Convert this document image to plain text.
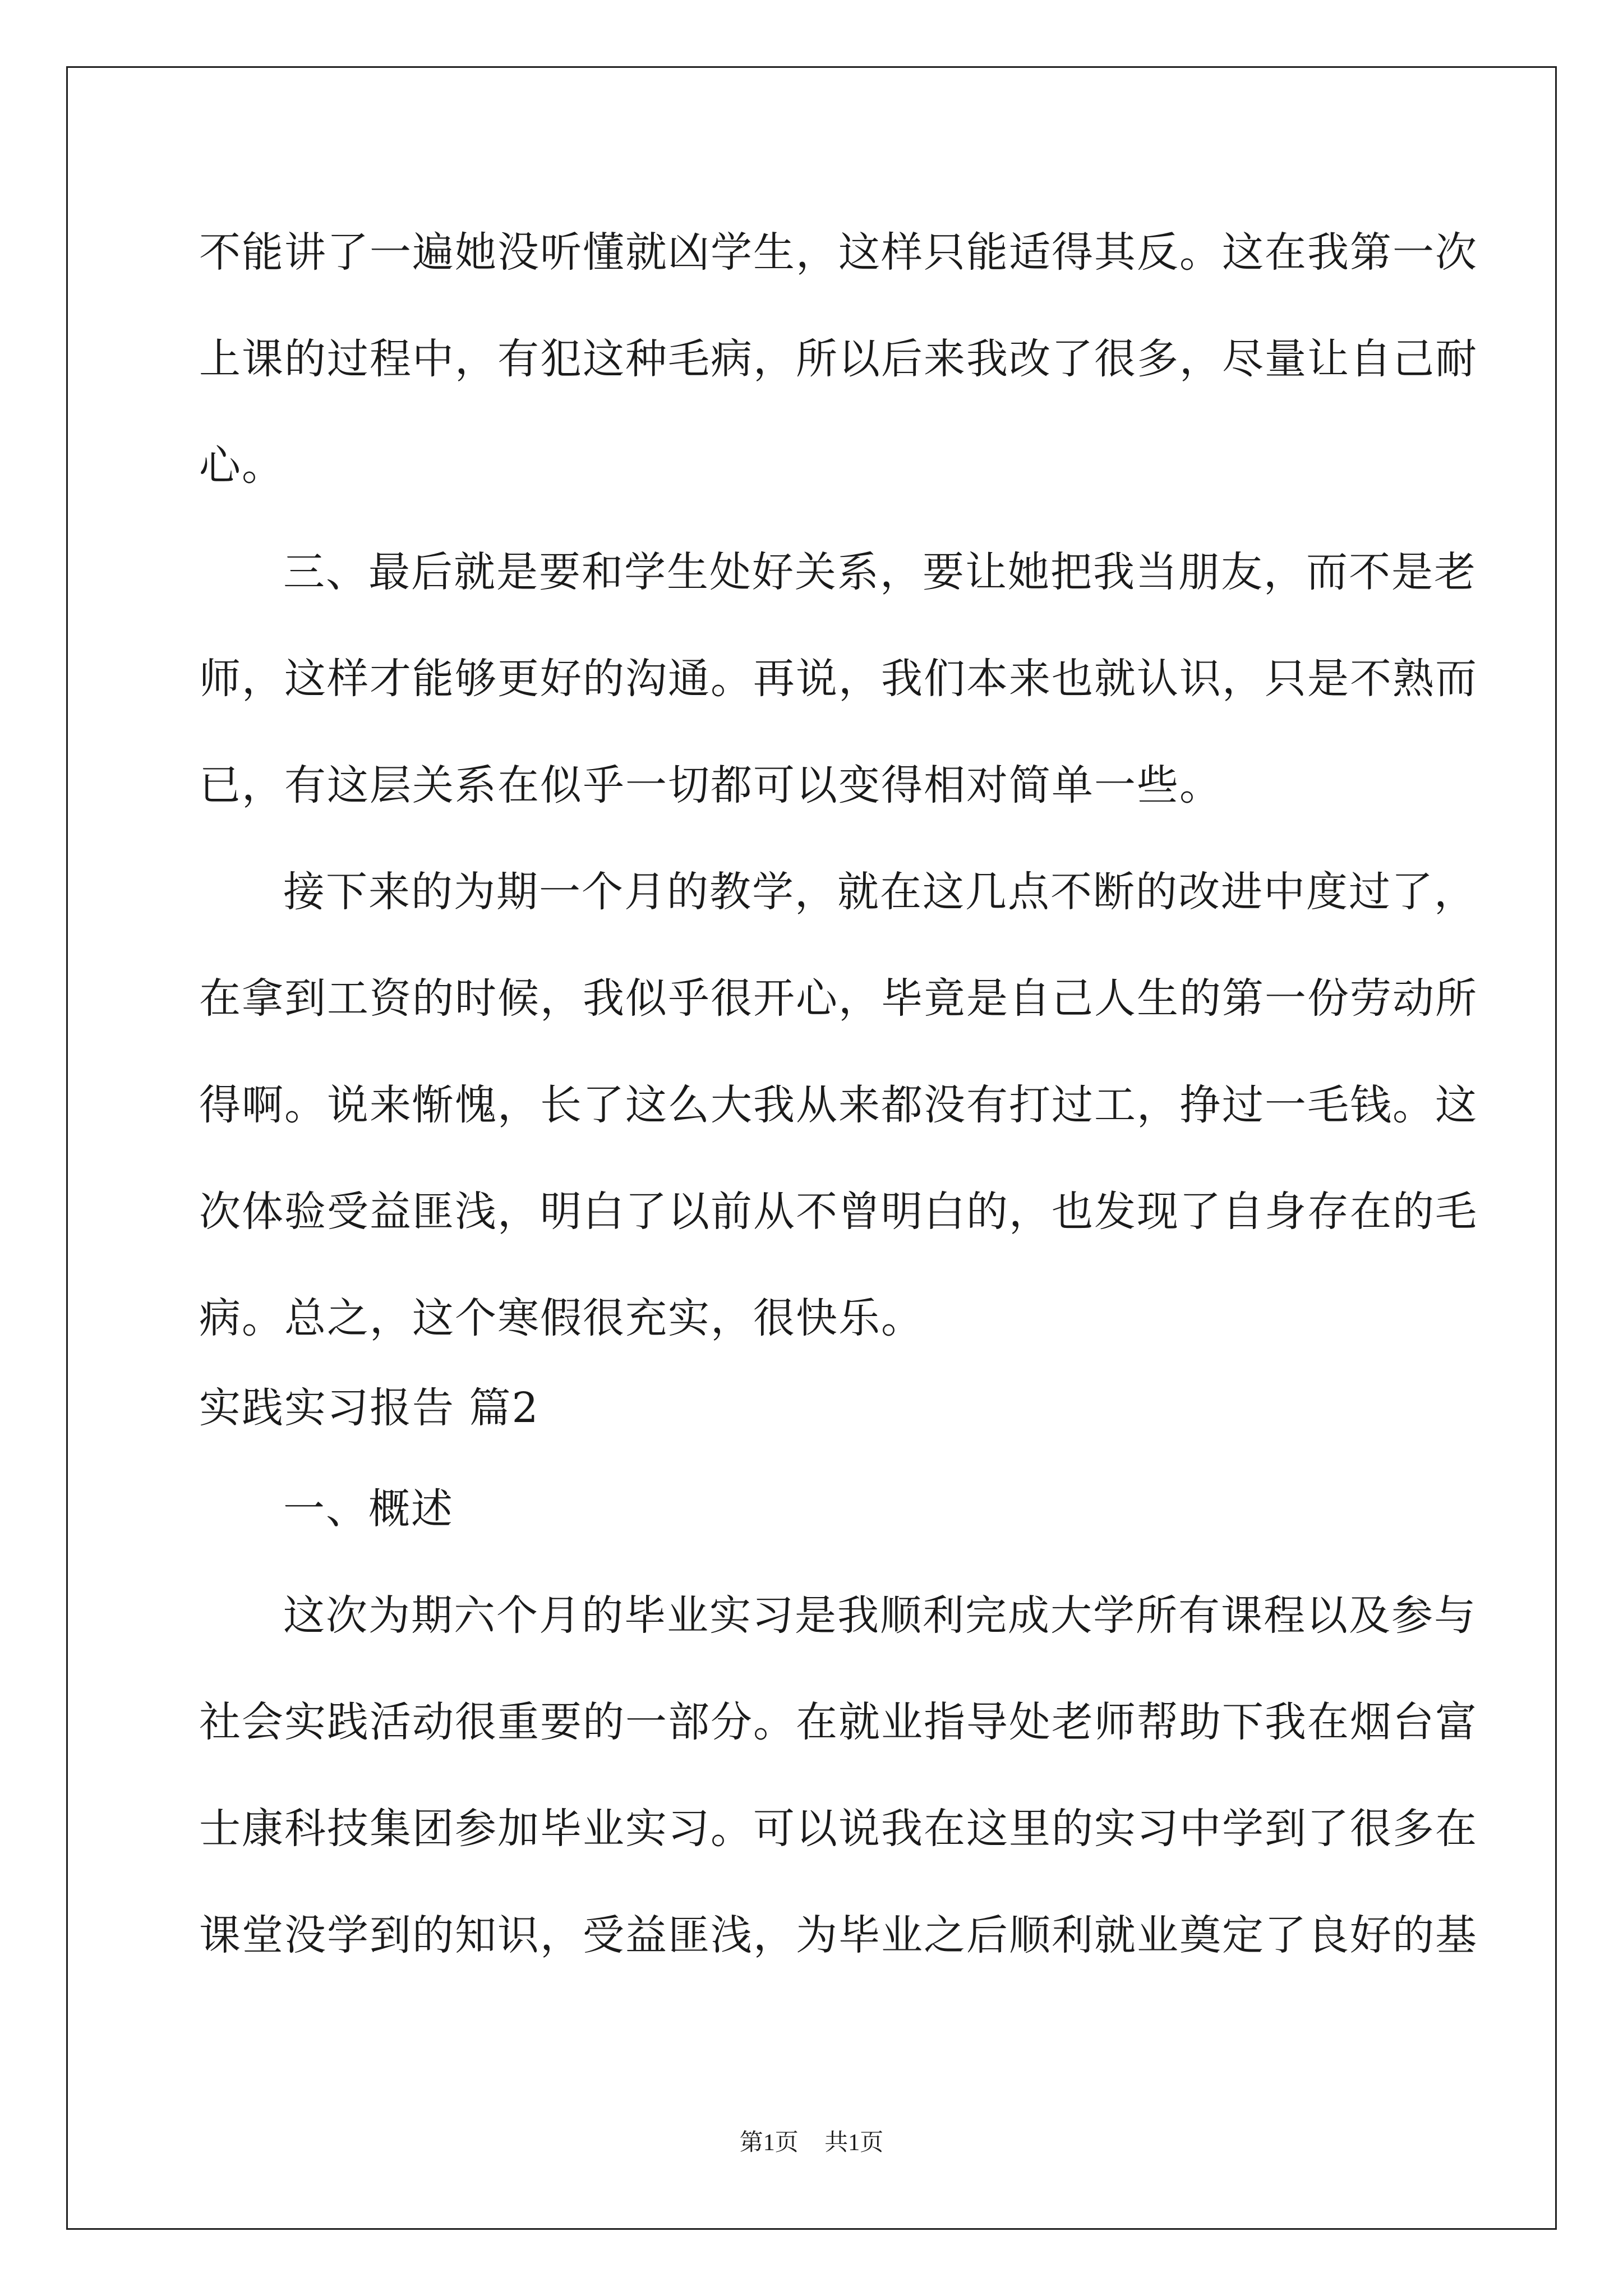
不能讲了一遍她没听懂就凶学生，这样只能适得其反。这在我第一次
上课的过程中，有犯这种毛病，所以后来我改了很多，尽量让自己耐
心。
三、最后就是要和学生处好关系，要让她把我当朋友，而不是老
师，这样才能够更好的沟通。再说，我们本来也就认识，只是不熟而
已，有这层关系在似乎一切都可以变得相对简单一些。
接下来的为期一个月的教学，就在这几点不断的改进中度过了，
在拿到工资的时候，我似乎很开心，毕竟是自己人生的第一份劳动所
得啊。说来惭愧，长了这么大我从来都没有打过工，挣过一毛钱。这
次体验受益匪浅，明白了以前从不曾明白的，也发现了自身存在的毛
病。总之，这个寒假很充实，很快乐。
实践实习报告 篇2
一、概述
这次为期六个月的毕业实习是我顺利完成大学所有课程以及参与
社会实践活动很重要的一部分。在就业指导处老师帮助下我在烟台富
士康科技集团参加毕业实习。可以说我在这里的实习中学到了很多在
课堂没学到的知识，受益匪浅，为毕业之后顺利就业奠定了良好的基
第1页 共1页
